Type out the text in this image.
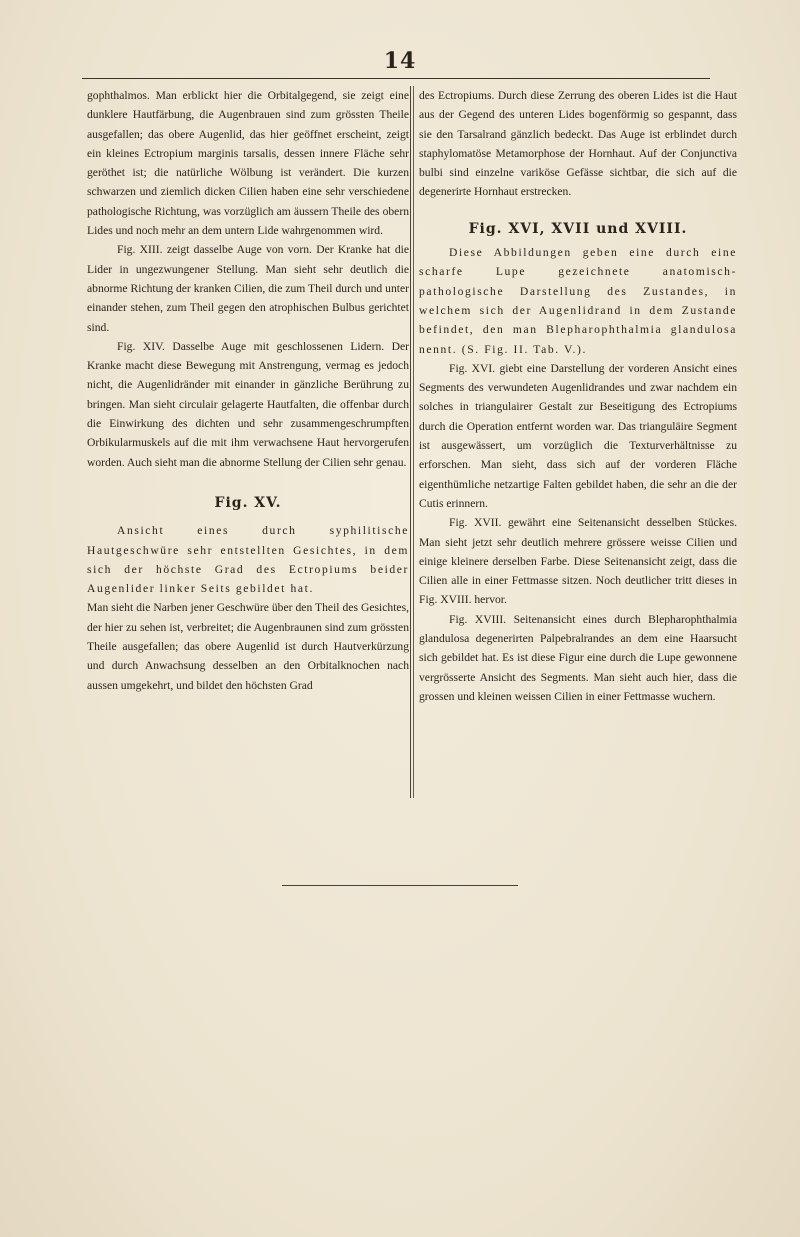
14

gophthalmos. Man erblickt hier die Orbitalgegend, sie zeigt eine dunklere Hautfärbung, die Augenbrauen sind zum grössten Theile ausgefallen; das obere Augenlid, das hier geöffnet erscheint, zeigt ein kleines Ectropium marginis tarsalis, dessen innere Fläche sehr geröthet ist; die natürliche Wölbung ist verändert. Die kurzen schwarzen und ziemlich dicken Cilien haben eine sehr verschiedene pathologische Richtung, was vorzüglich am äussern Theile des obern Lides und noch mehr an dem untern Lide wahrgenommen wird.

Fig. XIII. zeigt dasselbe Auge von vorn. Der Kranke hat die Lider in ungezwungener Stellung. Man sieht sehr deutlich die abnorme Richtung der kranken Cilien, die zum Theil durch und unter einander stehen, zum Theil gegen den atrophischen Bulbus gerichtet sind.

Fig. XIV. Dasselbe Auge mit geschlossenen Lidern. Der Kranke macht diese Bewegung mit Anstrengung, vermag es jedoch nicht, die Augenlidränder mit einander in gänzliche Berührung zu bringen. Man sieht circulair gelagerte Hautfalten, die offenbar durch die Einwirkung des dichten und sehr zusammengeschrumpften Orbikularmuskels auf die mit ihm verwachsene Haut hervorgerufen worden. Auch sieht man die abnorme Stellung der Cilien sehr genau.

Fig. XV.

Ansicht eines durch syphilitische Hautgeschwüre sehr entstellten Gesichtes, in dem sich der höchste Grad des Ectropiums beider Augenlider linker Seits gebildet hat.

Man sieht die Narben jener Geschwüre über den Theil des Gesichtes, der hier zu sehen ist, verbreitet; die Augenbraunen sind zum grössten Theile ausgefallen; das obere Augenlid ist durch Hautverkürzung und durch Anwachsung desselben an den Orbitalknochen nach aussen umgekehrt, und bildet den höchsten Grad

des Ectropiums. Durch diese Zerrung des oberen Lides ist die Haut aus der Gegend des unteren Lides bogenförmig so gespannt, dass sie den Tarsalrand gänzlich bedeckt. Das Auge ist erblindet durch staphylomatöse Metamorphose der Hornhaut. Auf der Conjunctiva bulbi sind einzelne variköse Gefässe sichtbar, die sich auf die degenerirte Hornhaut erstrecken.

Fig. XVI, XVII und XVIII.

Diese Abbildungen geben eine durch eine scharfe Lupe gezeichnete anatomisch-pathologische Darstellung des Zustandes, in welchem sich der Augenlidrand in dem Zustande befindet, den man Blepharophthalmia glandulosa nennt. (S. Fig. II. Tab. V.).

Fig. XVI. giebt eine Darstellung der vorderen Ansicht eines Segments des verwundeten Augenlidrandes und zwar nachdem ein solches in triangulairer Gestalt zur Beseitigung des Ectropiums durch die Operation entfernt worden war. Das trianguläire Segment ist ausgewässert, um vorzüglich die Texturverhältnisse zu erforschen. Man sieht, dass sich auf der vorderen Fläche eigenthümliche netzartige Falten gebildet haben, die sehr an die der Cutis erinnern.

Fig. XVII. gewährt eine Seitenansicht desselben Stückes. Man sieht jetzt sehr deutlich mehrere grössere weisse Cilien und einige kleinere derselben Farbe. Diese Seitenansicht zeigt, dass die Cilien alle in einer Fettmasse sitzen. Noch deutlicher tritt dieses in Fig. XVIII. hervor.

Fig. XVIII. Seitenansicht eines durch Blepharophthalmia glandulosa degenerirten Palpebralrandes an dem eine Haarsucht sich gebildet hat. Es ist diese Figur eine durch die Lupe gewonnene vergrösserte Ansicht des Segments. Man sieht auch hier, dass die grossen und kleinen weissen Cilien in einer Fettmasse wuchern.
